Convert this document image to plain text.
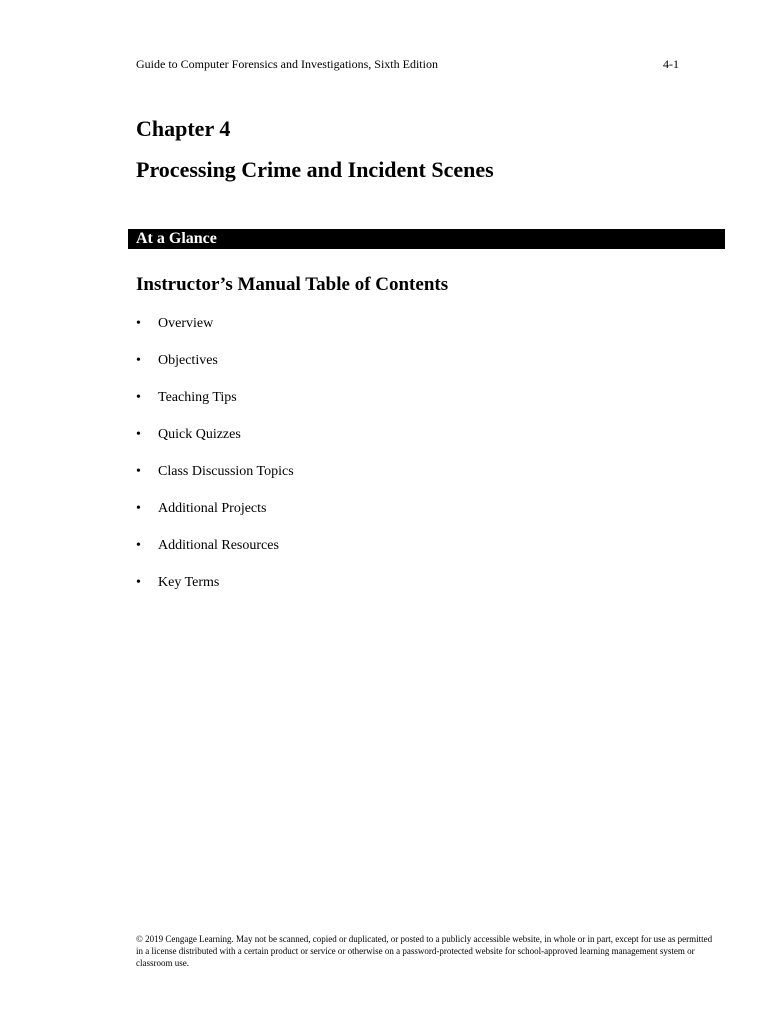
Guide to Computer Forensics and Investigations, Sixth Edition	4-1
Chapter 4
Processing Crime and Incident Scenes
At a Glance
Instructor’s Manual Table of Contents
• Overview
• Objectives
• Teaching Tips
• Quick Quizzes
• Class Discussion Topics
• Additional Projects
• Additional Resources
• Key Terms
© 2019 Cengage Learning. May not be scanned, copied or duplicated, or posted to a publicly accessible website, in whole or in part, except for use as permitted in a license distributed with a certain product or service or otherwise on a password-protected website for school-approved learning management system or classroom use.
